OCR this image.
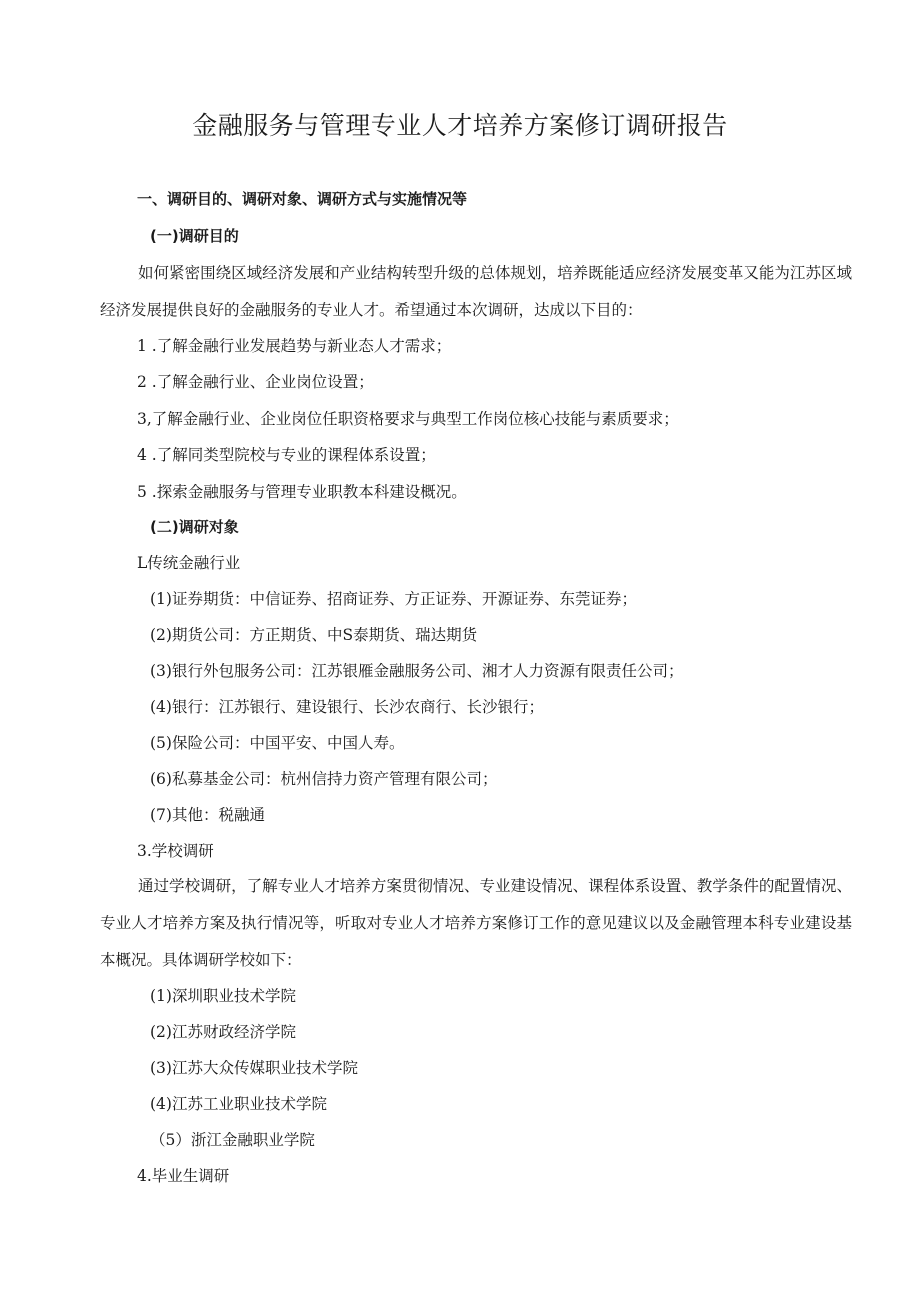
金融服务与管理专业人才培养方案修订调研报告

一、调研目的、调研对象、调研方式与实施情况等

(一)调研目的

如何紧密围绕区域经济发展和产业结构转型升级的总体规划，培养既能适应经济发展变革又能为江苏区域经济发展提供良好的金融服务的专业人才。希望通过本次调研，达成以下目的：

1 .了解金融行业发展趋势与新业态人才需求；

2 .了解金融行业、企业岗位设置；

3,了解金融行业、企业岗位任职资格要求与典型工作岗位核心技能与素质要求；

4 .了解同类型院校与专业的课程体系设置；

5 .探索金融服务与管理专业职教本科建设概况。

(二)调研对象

L传统金融行业

(1)证券期货：中信证券、招商证券、方正证券、开源证券、东莞证券；

(2)期货公司：方正期货、中S泰期货、瑞达期货

(3)银行外包服务公司：江苏银雁金融服务公司、湘才人力资源有限责任公司；

(4)银行：江苏银行、建设银行、长沙农商行、长沙银行；

(5)保险公司：中国平安、中国人寿。

(6)私募基金公司：杭州信持力资产管理有限公司；

(7)其他：税融通

3.学校调研

通过学校调研，了解专业人才培养方案贯彻情况、专业建设情况、课程体系设置、教学条件的配置情况、专业人才培养方案及执行情况等，听取对专业人才培养方案修订工作的意见建议以及金融管理本科专业建设基本概况。具体调研学校如下：

(1)深圳职业技术学院

(2)江苏财政经济学院

(3)江苏大众传媒职业技术学院

(4)江苏工业职业技术学院

（5）浙江金融职业学院

4.毕业生调研
